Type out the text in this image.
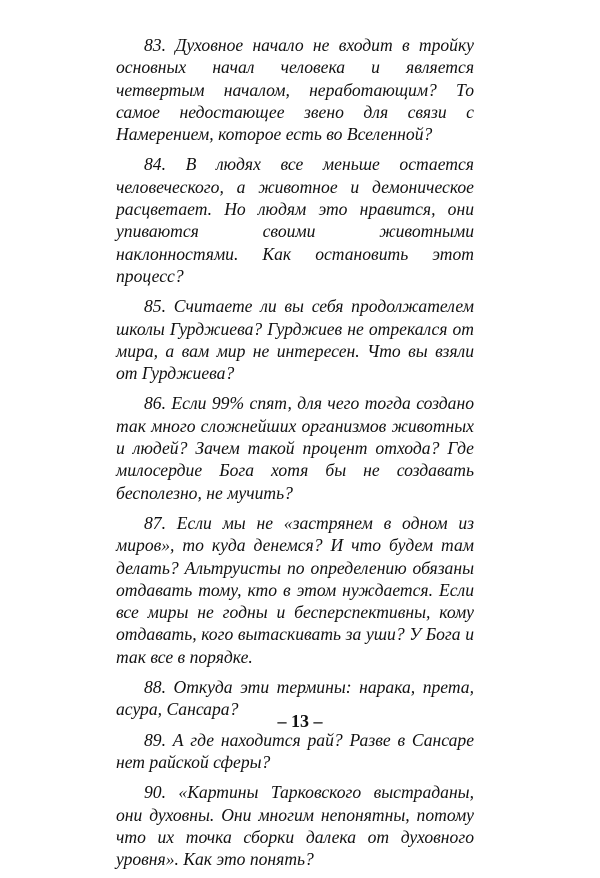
83. Духовное начало не входит в тройку основных начал человека и является четвертым началом, неработающим? То самое недостающее звено для связи с Намерением, которое есть во Вселенной?

84. В людях все меньше остается человеческого, а животное и демоническое расцветает. Но людям это нравится, они упиваются своими животными наклонностями. Как остановить этот процесс?

85. Считаете ли вы себя продолжателем школы Гурджиева? Гурджиев не отрекался от мира, а вам мир не интересен. Что вы взяли от Гурджиева?

86. Если 99% спят, для чего тогда создано так много сложнейших организмов животных и людей? Зачем такой процент отхода? Где милосердие Бога хотя бы не создавать бесполезно, не мучить?

87. Если мы не «застрянем в одном из миров», то куда денемся? И что будем там делать? Альтруисты по определению обязаны отдавать тому, кто в этом нуждается. Если все миры не годны и бесперспективны, кому отдавать, кого вытаскивать за уши? У Бога и так все в порядке.

88. Откуда эти термины: нарака, прета, асура, Сансара?

89. А где находится рай? Разве в Сансаре нет райской сферы?

90. «Картины Тарковского выстраданы, они духовны. Они многим непонятны, потому что их точка сборки далека от духовного уровня». Как это понять?

– 13 –
